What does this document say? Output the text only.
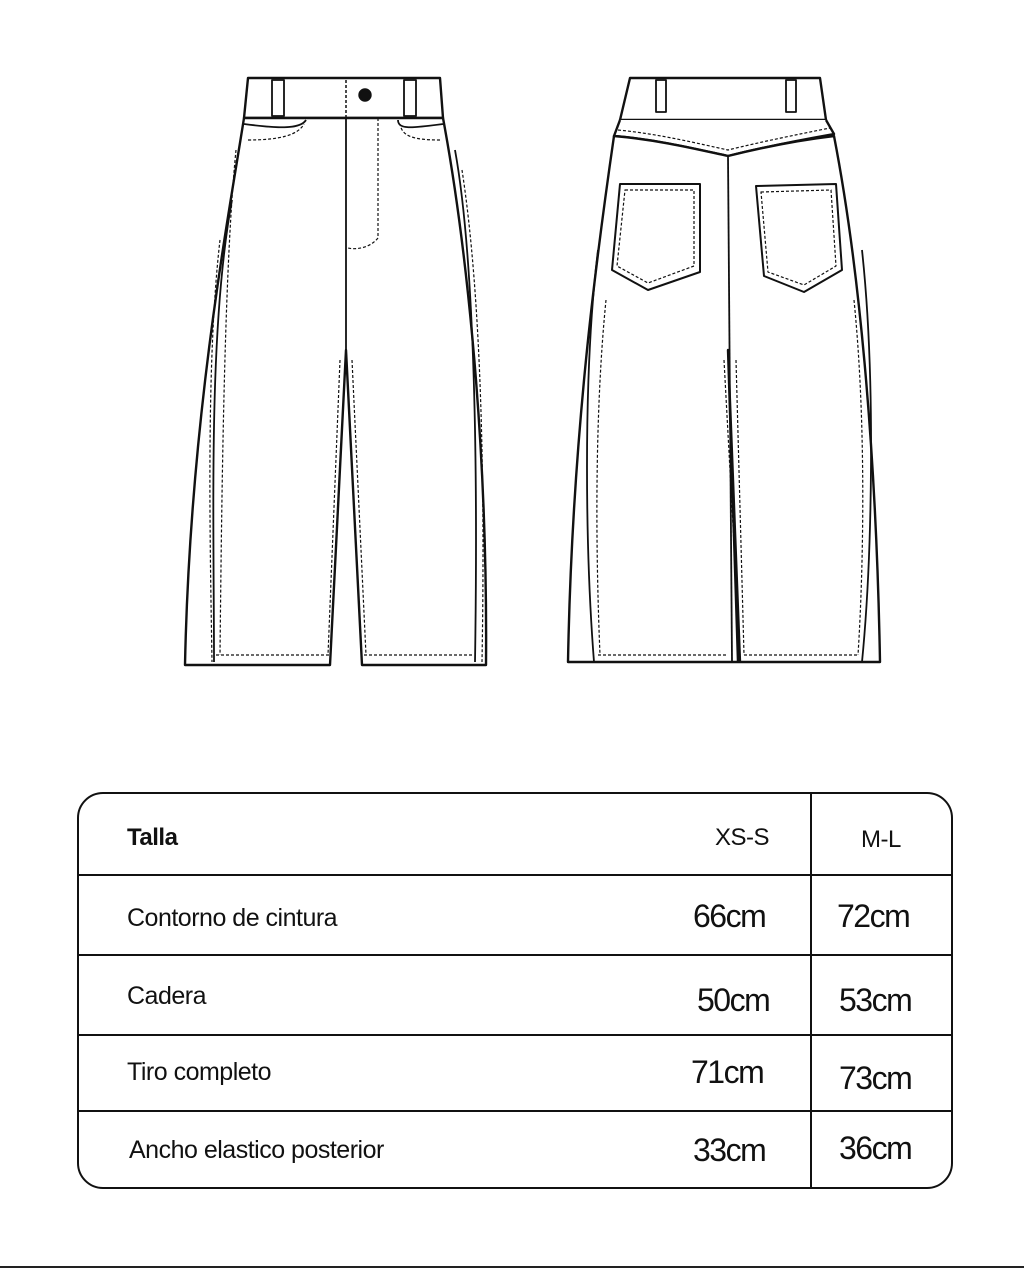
Talla	XS-S	M-L
Contorno de cintura	66cm 72cm
Cadera	50cm 53cm
Tiro completo	71cm 73cm
Ancho elastico posterior	33cm 36cm
